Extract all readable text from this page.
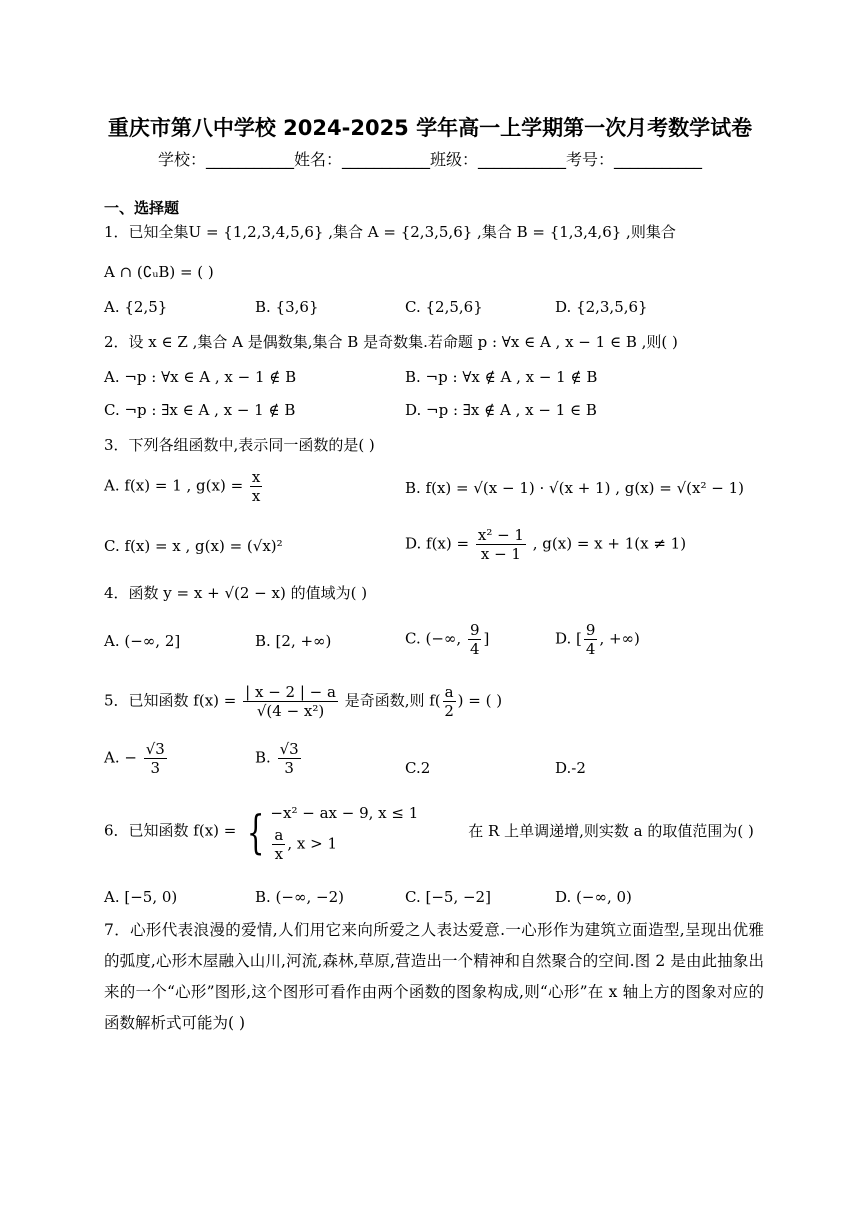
重庆市第八中学校 2024-2025 学年高一上学期第一次月考数学试卷
学校：___________姓名：___________班级：___________考号：___________
一、选择题
1．已知全集U = {1,2,3,4,5,6} ,集合 A = {2,3,5,6} ,集合 B = {1,3,4,6} ,则集合
A ∩ (∁ᵤB) = ( )
A. {2,5}	B. {3,6}	C. {2,5,6}	D. {2,3,5,6}
2．设 x ∈ Z ,集合 A 是偶数集,集合 B 是奇数集.若命题 p : ∀x ∈ A , x − 1 ∈ B ,则( )
A. ¬p : ∀x ∈ A , x − 1 ∉ B	B. ¬p : ∀x ∉ A , x − 1 ∉ B
C. ¬p : ∃x ∈ A , x − 1 ∉ B	D. ¬p : ∃x ∉ A , x − 1 ∈ B
3．下列各组函数中,表示同一函数的是( )
A. f(x) = 1 , $g(x) = \frac{x}{x}$	B. f(x) = √(x − 1) · √(x + 1) , g(x) = √(x² − 1)
C. f(x) = x , g(x) = (√x)²	D. $f(x) = \frac{\text{x² − 1}}{x - 1}$ , g(x) = x + 1(x ≠ 1)
4．函数 y = x + √(2 − x) 的值域为( )
A. (−∞, 2]	B. [2, +∞)	C. (−∞, $\frac{9}{4}$ ]	D. [ $\frac{9}{4}$ , +∞)
5．已知函数 $f(x) = \frac{| x - 2 | - a}{\text{√(4 − x²)}}$ 是奇函数,则 $f( \frac{a}{2}$ ) = ( )
A. − $\frac{√3}{3}$	B. $\frac{√3}{3}$	C.2	D.-2
6．已知函数 f(x) = { −x² − ax − 9, x ≤ 1
$\frac{a}{x}$ , x > 1
在 R 上单调递增,则实数 a 的取值范围为( )
A. [−5, 0)	B. (−∞, −2)	C. [−5, −2]	D. (−∞, 0)
7．心形代表浪漫的爱情,人们用它来向所爱之人表达爱意.一心形作为建筑立面造型,呈现出优雅的弧度,心形木屋融入山川,河流,森林,草原,营造出一个精神和自然聚合的空间.图 2 是由此抽象出来的一个“心形”图形,这个图形可看作由两个函数的图象构成,则“心形”在 x 轴上方的图象对应的函数解析式可能为( )
